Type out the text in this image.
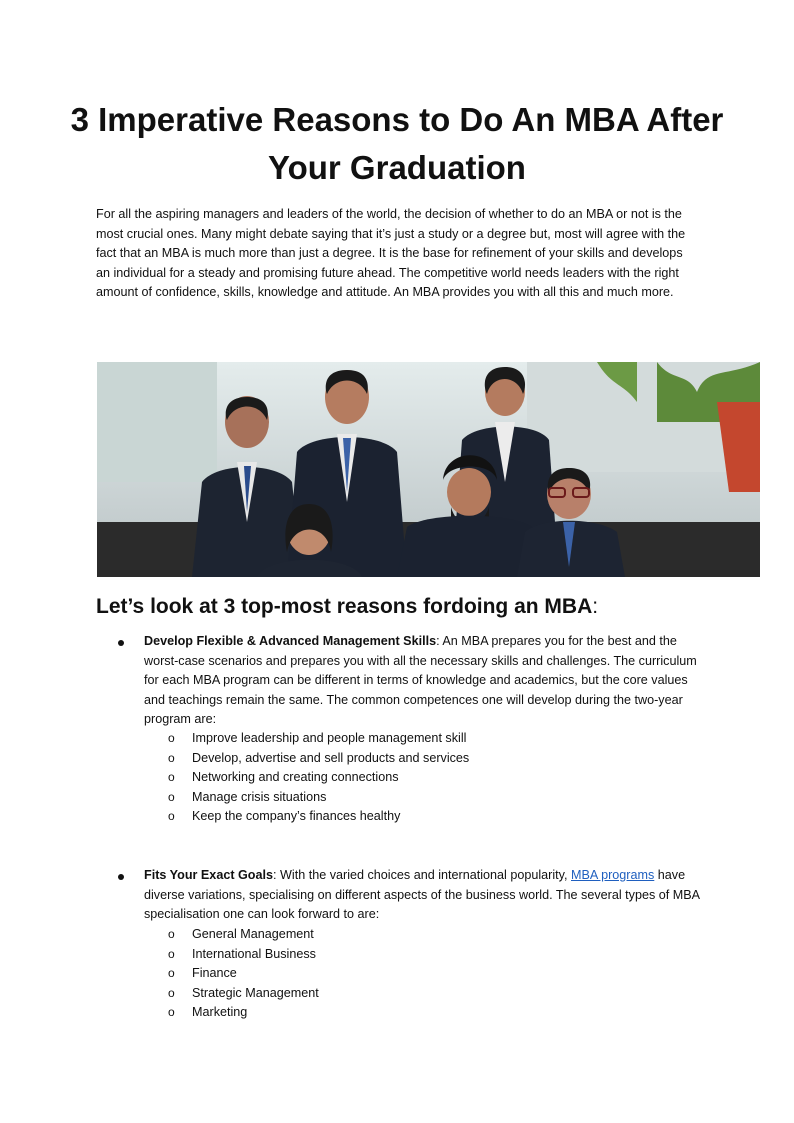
3 Imperative Reasons to Do An MBA After Your Graduation

For all the aspiring managers and leaders of the world, the decision of whether to do an MBA or not is the most crucial ones. Many might debate saying that it’s just a study or a degree but, most will agree with the fact that an MBA is much more than just a degree. It is the base for refinement of your skills and develops an individual for a steady and promising future ahead. The competitive world needs leaders with the right amount of confidence, skills, knowledge and attitude. An MBA provides you with all this and much more.

Let’s look at 3 top-most reasons fordoing an MBA:

Develop Flexible & Advanced Management Skills: An MBA prepares you for the best and the worst-case scenarios and prepares you with all the necessary skills and challenges. The curriculum for each MBA program can be different in terms of knowledge and academics, but the core values and teachings remain the same. The common competences one will develop during the two-year program are:

o Improve leadership and people management skill
o Develop, advertise and sell products and services
o Networking and creating connections
o Manage crisis situations
o Keep the company’s finances healthy

Fits Your Exact Goals: With the varied choices and international popularity, MBA programs have diverse variations, specialising on different aspects of the business world. The several types of MBA specialisation one can look forward to are:

o General Management
o International Business
o Finance
o Strategic Management
o Marketing
